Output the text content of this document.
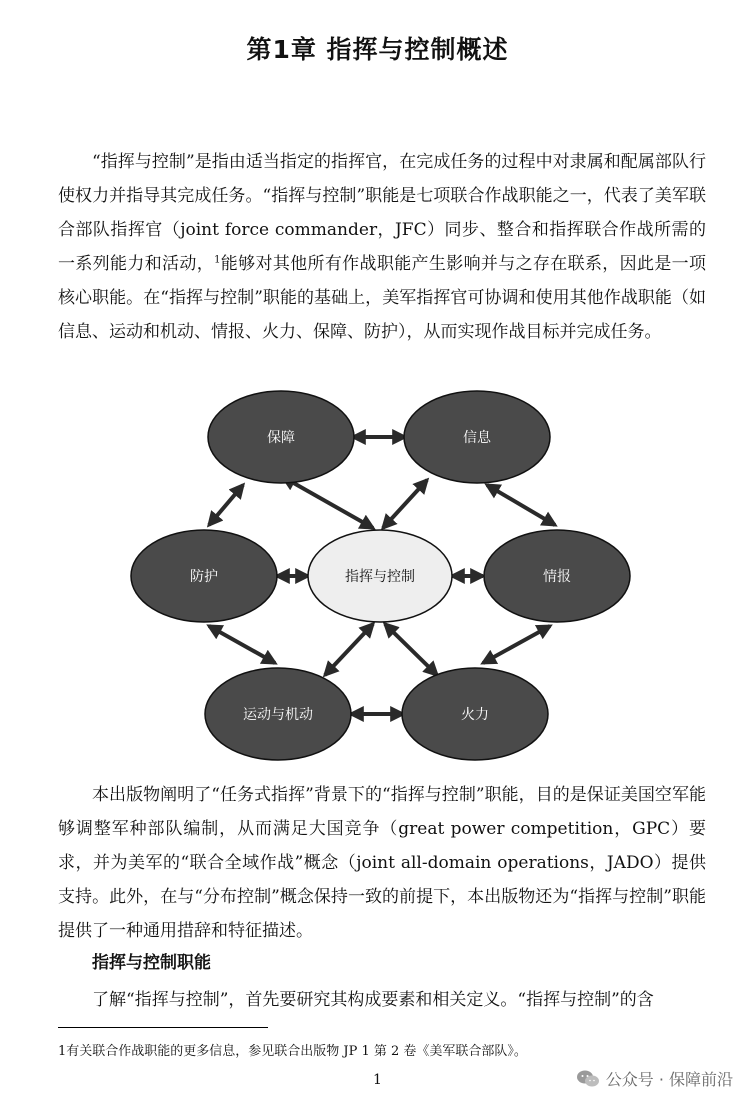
第1章 指挥与控制概述

“指挥与控制”是指由适当指定的指挥官，在完成任务的过程中对隶属和配属部队行使权力并指导其完成任务。“指挥与控制”职能是七项联合作战职能之一，代表了美军联合部队指挥官（joint force commander，JFC）同步、整合和指挥联合作战所需的一系列能力和活动，$^1$能够对其他所有作战职能产生影响并与之存在联系，因此是一项核心职能。在“指挥与控制”职能的基础上，美军指挥官可协调和使用其他作战职能（如信息、运动和机动、情报、火力、保障、防护），从而实现作战目标并完成任务。

保障	信息
防护	指挥与控制	情报
运动与机动	火力

本出版物阐明了“任务式指挥”背景下的“指挥与控制”职能，目的是保证美国空军能够调整军种部队编制，从而满足大国竞争（great power competition，GPC）要求，并为美军的“联合全域作战”概念（joint all-domain operations，JADO）提供支持。此外，在与“分布控制”概念保持一致的前提下，本出版物还为“指挥与控制”职能提供了一种通用措辞和特征描述。

指挥与控制职能

了解“指挥与控制”，首先要研究其构成要素和相关定义。“指挥与控制”的含

1有关联合作战职能的更多信息，参见联合出版物 JP 1 第 2 卷《美军联合部队》。
1	公众号 · 保障前沿
